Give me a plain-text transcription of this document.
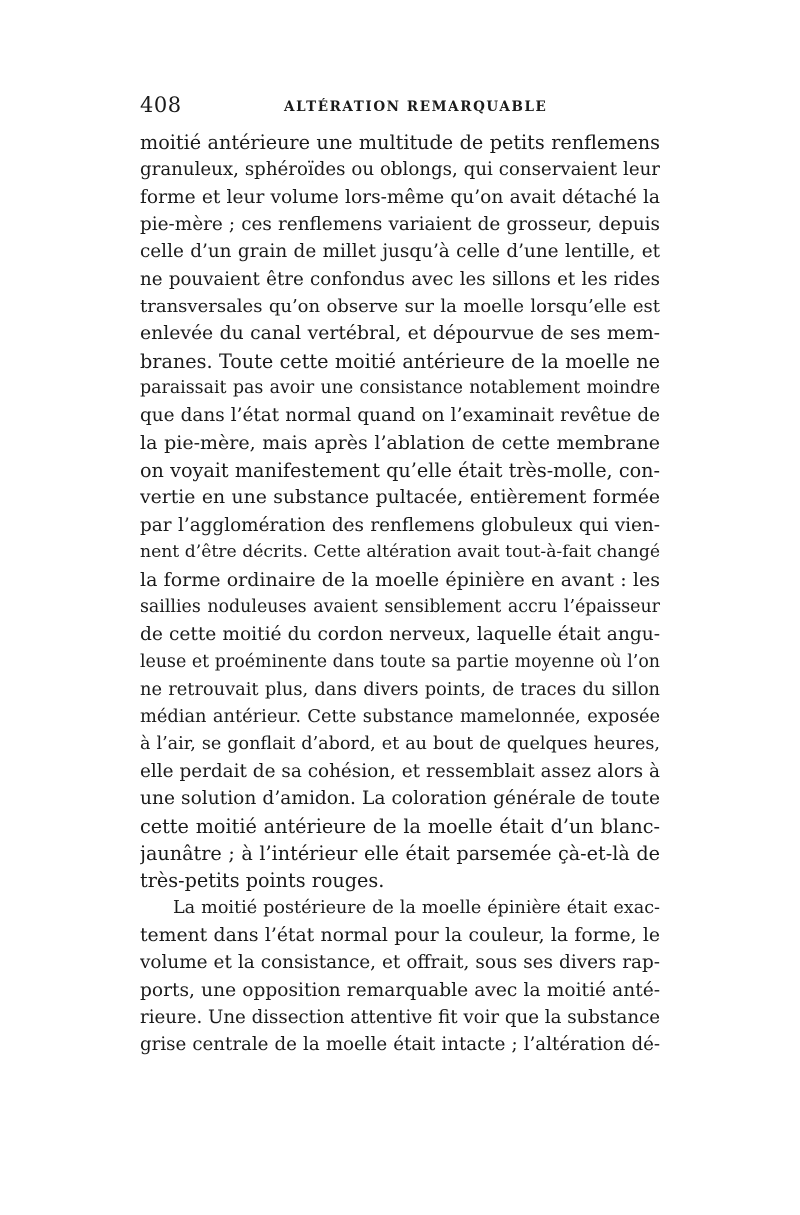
408	ALTÉRATION REMARQUABLE
moitié antérieure une multitude de petits renflemens
granuleux, sphéroïdes ou oblongs, qui conservaient leur
forme et leur volume lors-même qu’on avait détaché la
pie-mère ; ces renflemens variaient de grosseur, depuis
celle d’un grain de millet jusqu’à celle d’une lentille, et
ne pouvaient être confondus avec les sillons et les rides
transversales qu’on observe sur la moelle lorsqu’elle est
enlevée du canal vertébral, et dépourvue de ses mem-
branes. Toute cette moitié antérieure de la moelle ne
paraissait pas avoir une consistance notablement moindre
que dans l’état normal quand on l’examinait revêtue de
la pie-mère, mais après l’ablation de cette membrane
on voyait manifestement qu’elle était très-molle, con-
vertie en une substance pultacée, entièrement formée
par l’agglomération des renflemens globuleux qui vien-
nent d’être décrits. Cette altération avait tout-à-fait changé
la forme ordinaire de la moelle épinière en avant : les
saillies noduleuses avaient sensiblement accru l’épaisseur
de cette moitié du cordon nerveux, laquelle était angu-
leuse et proéminente dans toute sa partie moyenne où l’on
ne retrouvait plus, dans divers points, de traces du sillon
médian antérieur. Cette substance mamelonnée, exposée
à l’air, se gonflait d’abord, et au bout de quelques heures,
elle perdait de sa cohésion, et ressemblait assez alors à
une solution d’amidon. La coloration générale de toute
cette moitié antérieure de la moelle était d’un blanc-
jaunâtre ; à l’intérieur elle était parsemée çà-et-là de
très-petits points rouges.
La moitié postérieure de la moelle épinière était exac-
tement dans l’état normal pour la couleur, la forme, le
volume et la consistance, et offrait, sous ses divers rap-
ports, une opposition remarquable avec la moitié anté-
rieure. Une dissection attentive fit voir que la substance
grise centrale de la moelle était intacte ; l’altération dé-
